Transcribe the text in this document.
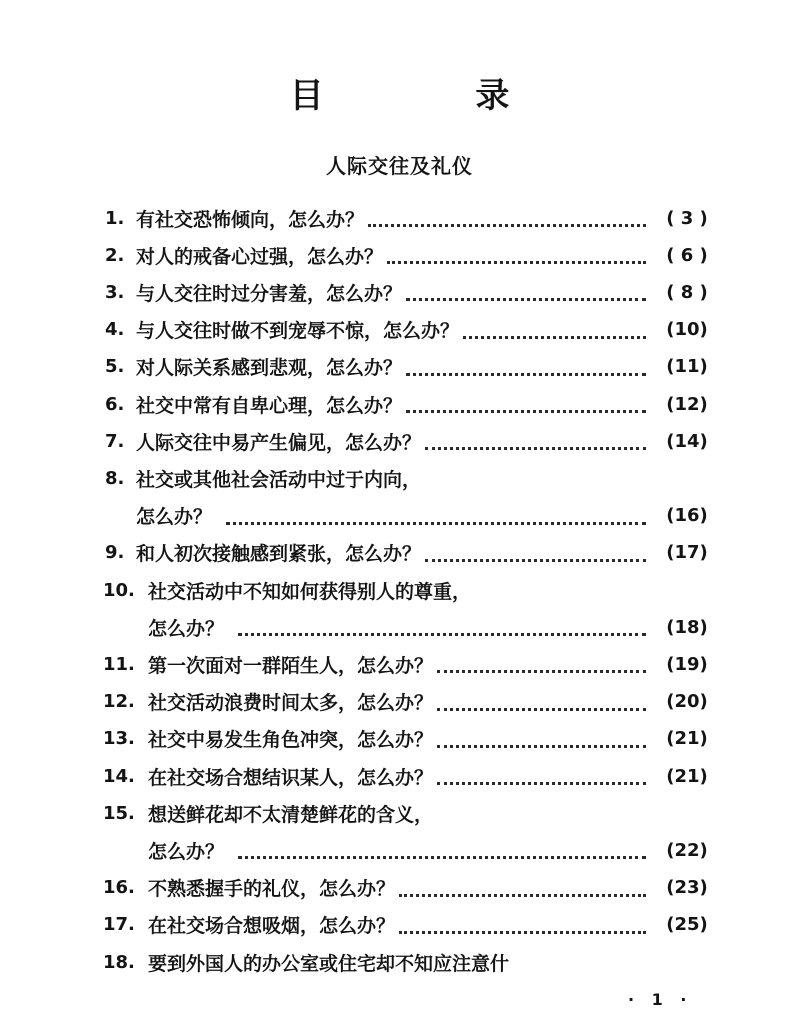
目 录
人际交往及礼仪
1. 有社交恐怖倾向，怎么办？	( 3 )
2. 对人的戒备心过强，怎么办？	( 6 )
3. 与人交往时过分害羞，怎么办？	( 8 )
4. 与人交往时做不到宠辱不惊，怎么办？	(10)
5. 对人际关系感到悲观，怎么办？	(11)
6. 社交中常有自卑心理，怎么办？	(12)
7. 人际交往中易产生偏见，怎么办？	(14)
8. 社交或其他社会活动中过于内向，
怎么办？	(16)
9. 和人初次接触感到紧张，怎么办？	(17)
10. 社交活动中不知如何获得别人的尊重，
怎么办？	(18)
11. 第一次面对一群陌生人，怎么办？	(19)
12. 社交活动浪费时间太多，怎么办？	(20)
13. 社交中易发生角色冲突，怎么办？	(21)
14. 在社交场合想结识某人，怎么办？	(21)
15. 想送鲜花却不太清楚鲜花的含义，
怎么办？	(22)
16. 不熟悉握手的礼仪，怎么办？	(23)
17. 在社交场合想吸烟，怎么办？	(25)
18. 要到外国人的办公室或住宅却不知应注意什
· 1 ·
